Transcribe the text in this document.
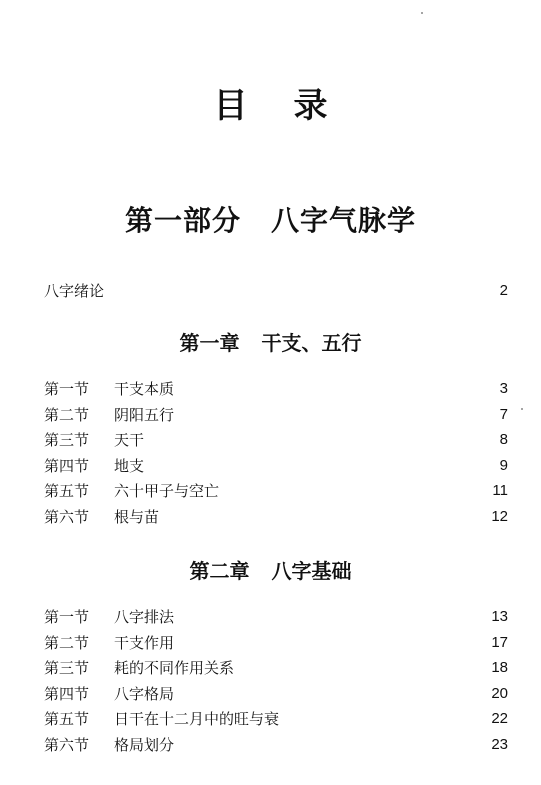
目录
第一部分 八字气脉学
八字绪论	2
第一章 干支、五行
第一节 干支本质	3
第二节 阴阳五行	7
第三节 天干	8
第四节 地支	9
第五节 六十甲子与空亡	11
第六节 根与苗	12
第二章 八字基础
第一节 八字排法	13
第二节 干支作用	17
第三节 耗的不同作用关系	18
第四节 八字格局	20
第五节 日干在十二月中的旺与衰	22
第六节 格局划分	23
